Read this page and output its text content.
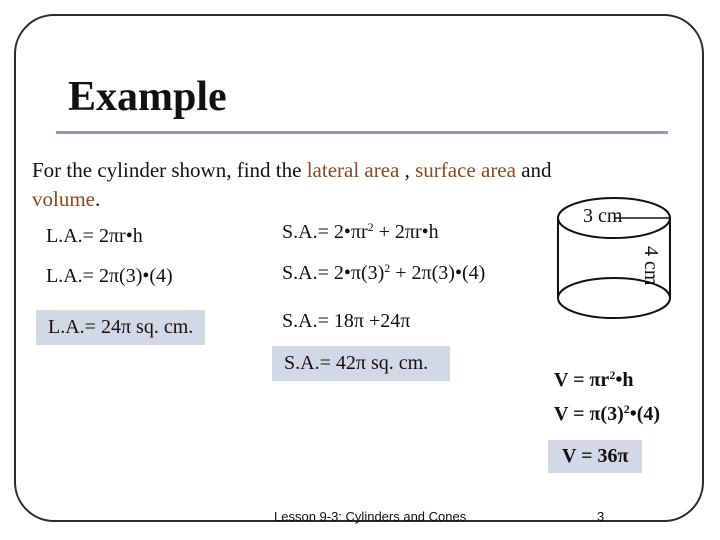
Example
For the cylinder shown, find the lateral area , surface area and
volume.
L.A.= 2πr•h
L.A.= 2π(3)•(4)
L.A.= 24π sq. cm.
$S.A.= 2•\pi r^2$ + 2πr•h
$S.A.= 2•\pi(3)^2$ + 2π(3)•(4)
S.A.= 18π +24π
S.A.= 42π sq. cm.
$V = \pi r^2•h$
$V = \pi(3)^2•(4)$
V = 36π
3 cm
4 cm
Lesson 9-3: Cylinders and Cones	3
